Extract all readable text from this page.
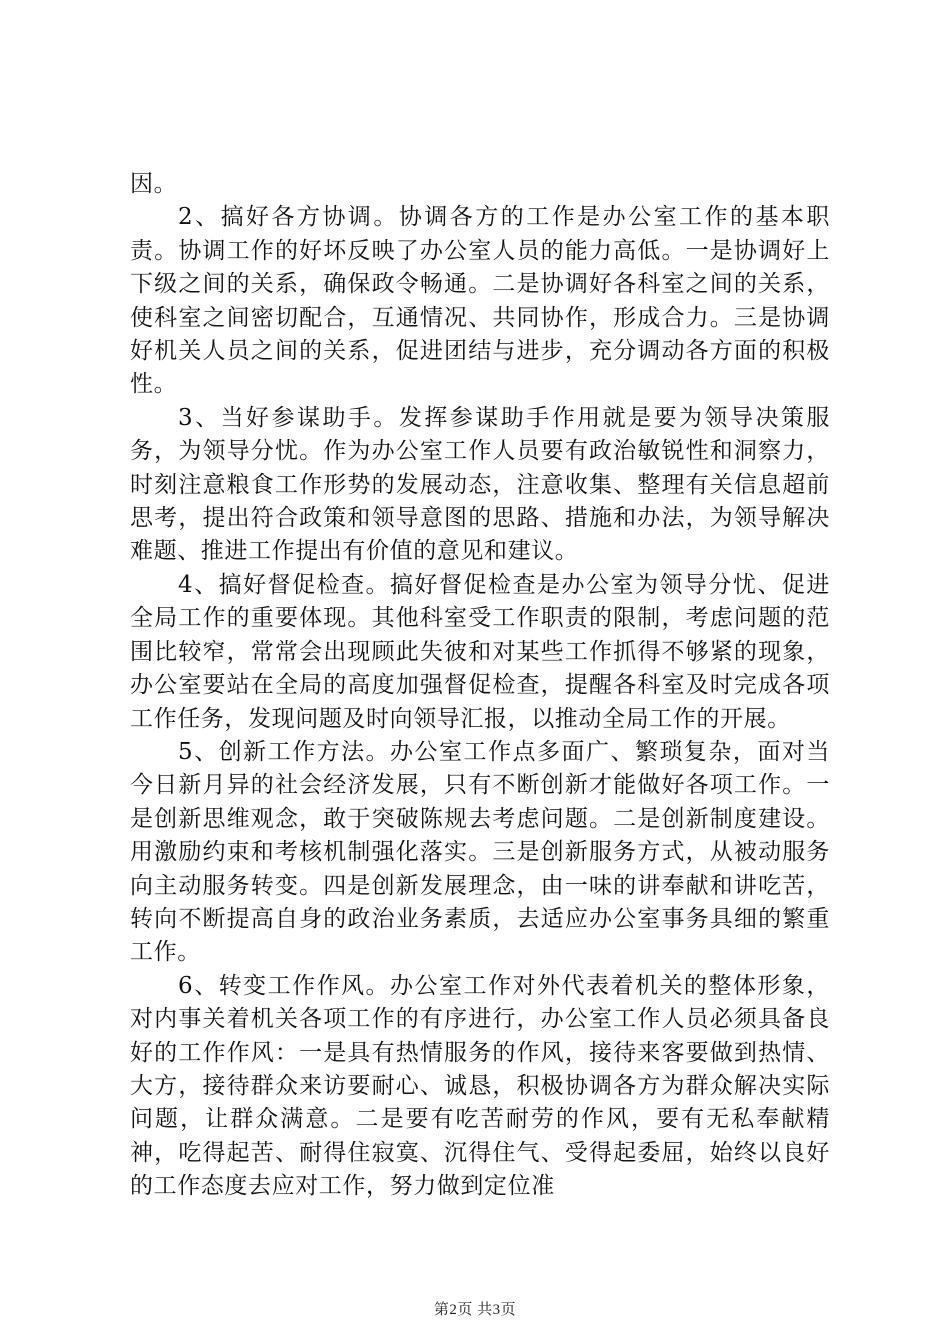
因。

2、搞好各方协调。协调各方的工作是办公室工作的基本职责。协调工作的好坏反映了办公室人员的能力高低。一是协调好上下级之间的关系，确保政令畅通。二是协调好各科室之间的关系，使科室之间密切配合，互通情况、共同协作，形成合力。三是协调好机关人员之间的关系，促进团结与进步，充分调动各方面的积极性。

3、当好参谋助手。发挥参谋助手作用就是要为领导决策服务，为领导分忧。作为办公室工作人员要有政治敏锐性和洞察力，时刻注意粮食工作形势的发展动态，注意收集、整理有关信息超前思考，提出符合政策和领导意图的思路、措施和办法，为领导解决难题、推进工作提出有价值的意见和建议。

4、搞好督促检查。搞好督促检查是办公室为领导分忧、促进全局工作的重要体现。其他科室受工作职责的限制，考虑问题的范围比较窄，常常会出现顾此失彼和对某些工作抓得不够紧的现象，办公室要站在全局的高度加强督促检查，提醒各科室及时完成各项工作任务，发现问题及时向领导汇报，以推动全局工作的开展。

5、创新工作方法。办公室工作点多面广、繁琐复杂，面对当今日新月异的社会经济发展，只有不断创新才能做好各项工作。一是创新思维观念，敢于突破陈规去考虑问题。二是创新制度建设。用激励约束和考核机制强化落实。三是创新服务方式，从被动服务向主动服务转变。四是创新发展理念，由一味的讲奉献和讲吃苦，转向不断提高自身的政治业务素质，去适应办公室事务具细的繁重工作。

6、转变工作作风。办公室工作对外代表着机关的整体形象，对内事关着机关各项工作的有序进行，办公室工作人员必须具备良好的工作作风：一是具有热情服务的作风，接待来客要做到热情、大方，接待群众来访要耐心、诚恳，积极协调各方为群众解决实际问题，让群众满意。二是要有吃苦耐劳的作风，要有无私奉献精神，吃得起苦、耐得住寂寞、沉得住气、受得起委屈，始终以良好的工作态度去应对工作，努力做到定位准

第2页 共3页
